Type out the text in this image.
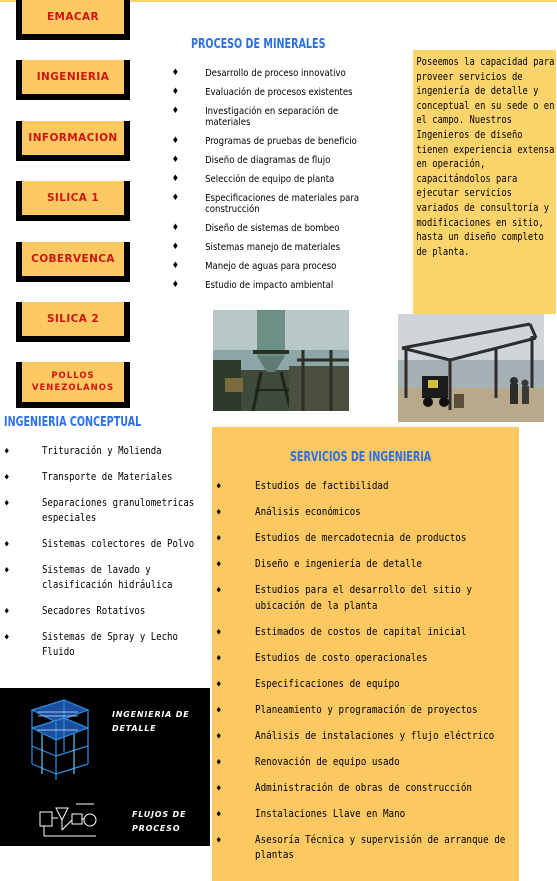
EMACAR
INGENIERIA
INFORMACION
SILICA 1
COBERVENCA
SILICA 2
POLLOS
VENEZOLANOS
PROCESO DE MINERALES
♦	Desarrollo de proceso innovativo
♦	Evaluación de procesos existentes
♦	Investigación en separación de materiales
♦	Programas de pruebas de beneficio
♦	Diseño de diagramas de flujo
♦	Selección de equipo de planta
♦	Especificaciones de materiales para construcción
♦	Diseño de sistemas de bombeo
♦	Sistemas manejo de materiales
♦	Manejo de aguas para proceso
♦	Estudio de impacto ambiental

Poseemos la capacidad para proveer servicios de ingeniería de detalle y conceptual en su sede o en el campo. Nuestros Ingenieros de diseño tienen experiencia extensa en operación, capacitándolos para ejecutar servicios variados de consultoría y modificaciones en sitio, hasta un diseño completo de planta.

INGENIERIA CONCEPTUAL
♦	Trituración y Molienda
♦	Transporte de Materiales
♦	Separaciones granulometricas especiales
♦	Sistemas colectores de Polvo
♦	Sistemas de lavado y clasificación hidráulica
♦	Secadores Rotativos
♦	Sistemas de Spray y Lecho Fluido
INGENIERIA DE
DETALLE
FLUJOS DE
PROCESO
SERVICIOS DE INGENIERIA
♦	Estudios de factibilidad
♦	Análisis económicos
♦	Estudios de mercadotecnia de productos
♦	Diseño e ingeniería de detalle
♦	Estudios para el desarrollo del sitio y ubicación de la planta
♦	Estimados de costos de capital inicial
♦	Estudios de costo operacionales
♦	Especificaciones de equipo
♦	Planeamiento y programación de proyectos
♦	Análisis de instalaciones y flujo eléctrico
♦	Renovación de equipo usado
♦	Administración de obras de construcción
♦	Instalaciones Llave en Mano
♦	Asesoría Técnica y supervisión de arranque de plantas
